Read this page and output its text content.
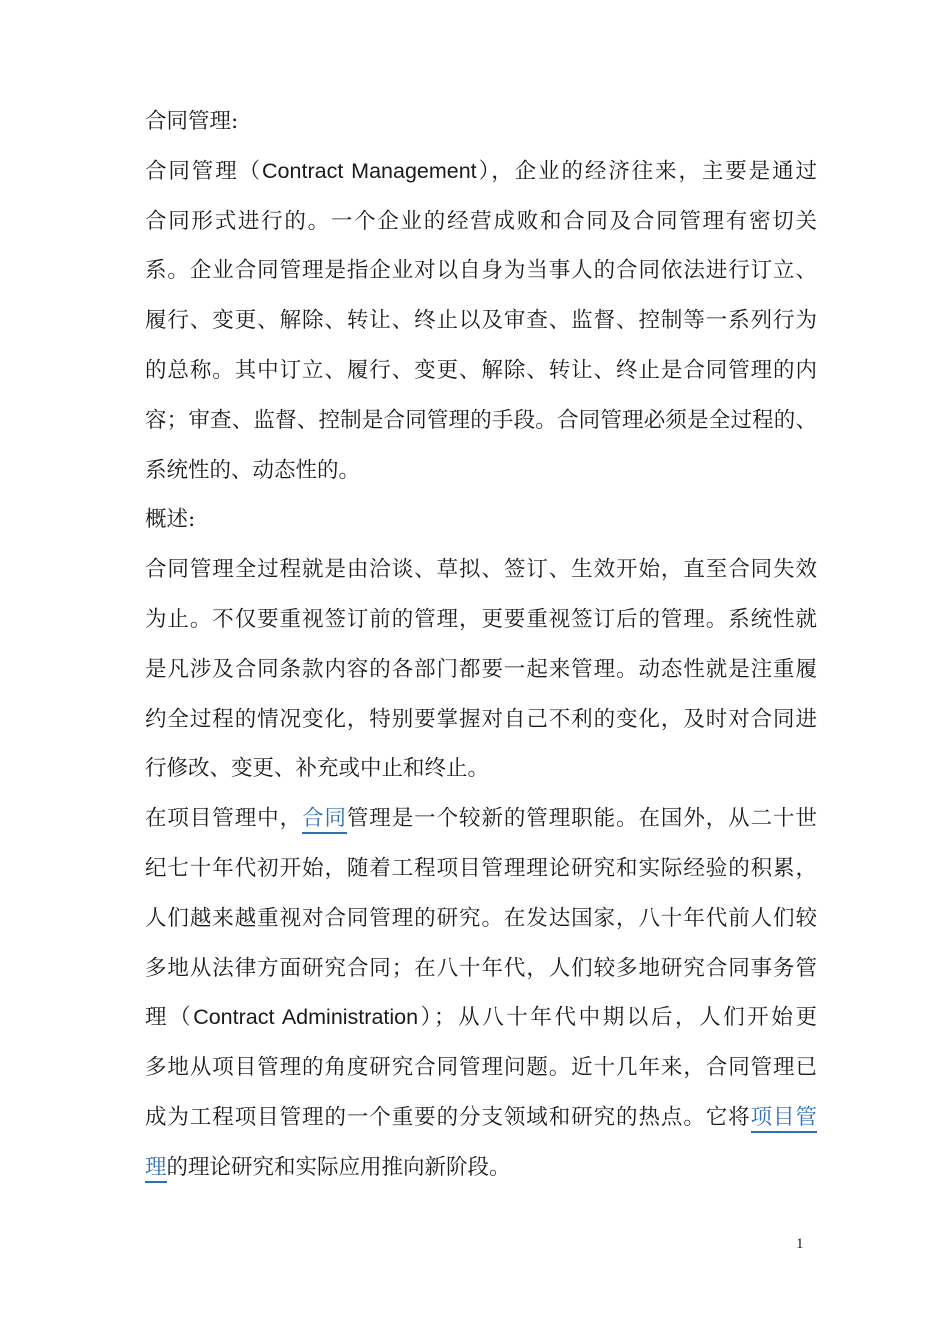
合同管理:
合同管理（Contract Management），企业的经济往来，主要是通过
合同形式进行的。一个企业的经营成败和合同及合同管理有密切关
系。企业合同管理是指企业对以自身为当事人的合同依法进行订立、
履行、变更、解除、转让、终止以及审查、监督、控制等一系列行为
的总称。其中订立、履行、变更、解除、转让、终止是合同管理的内
容；审查、监督、控制是合同管理的手段。合同管理必须是全过程的、
系统性的、动态性的。
概述:
合同管理全过程就是由洽谈、草拟、签订、生效开始，直至合同失效
为止。不仅要重视签订前的管理，更要重视签订后的管理。系统性就
是凡涉及合同条款内容的各部门都要一起来管理。动态性就是注重履
约全过程的情况变化，特别要掌握对自己不利的变化，及时对合同进
行修改、变更、补充或中止和终止。
在项目管理中，合同管理是一个较新的管理职能。在国外，从二十世
纪七十年代初开始，随着工程项目管理理论研究和实际经验的积累，
人们越来越重视对合同管理的研究。在发达国家，八十年代前人们较
多地从法律方面研究合同；在八十年代，人们较多地研究合同事务管
理（Contract Administration）；从八十年代中期以后，人们开始更
多地从项目管理的角度研究合同管理问题。近十几年来，合同管理已
成为工程项目管理的一个重要的分支领域和研究的热点。它将项目管
理的理论研究和实际应用推向新阶段。
1
